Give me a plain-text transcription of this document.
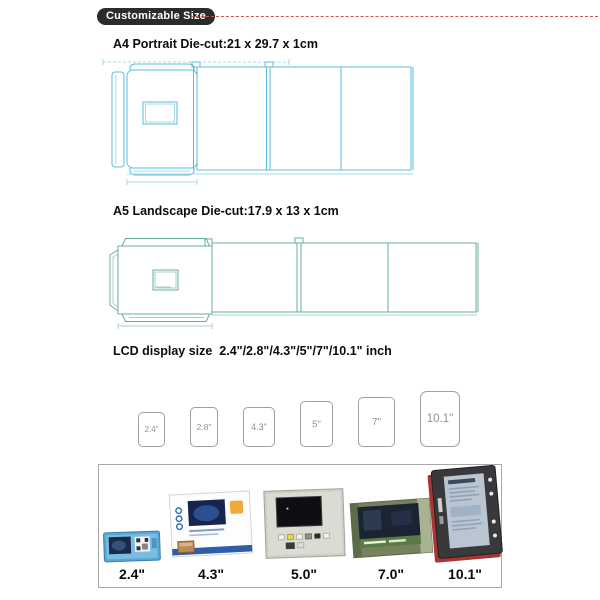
Customizable Size
A4 Portrait Die-cut:21 x 29.7 x 1cm
A5 Landscape Die-cut:17.9 x 13 x 1cm
LCD display size  2.4"/2.8"/4.3"/5"/7"/10.1" inch
2.4"	2.8"	4.3"	5"	7"	10.1"
2.4"	4.3"	5.0"	7.0"	10.1"
